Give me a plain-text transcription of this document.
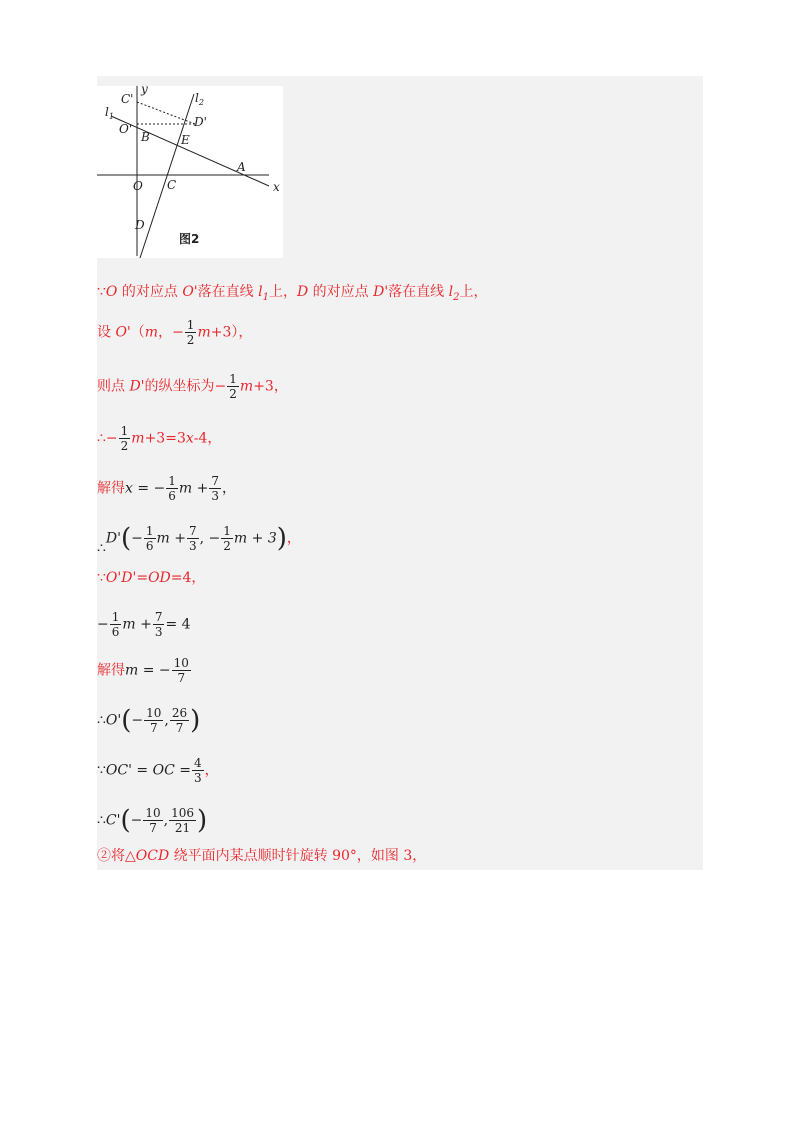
y
C'	$l_2$
$l_1$	D'
O'
B	E
A
x
O C
D
图2
∵O 的对应点 O'落在直线 $l_1$上，D 的对应点 D'落在直线 $l_2$上，
设 O'（m，− $\frac{1}{2} m+3$），
则点 D'的纵坐标为− $\frac{1}{2} m+3$，
∴− $\frac{1}{2} m+3=3x-4$，
解得x = − $\frac{1}{6}$ $m + \frac{7}{3}$ ，
∴D'(− $\frac{1}{6}$ $m + \frac{7}{3}$ , − $\frac{1}{2}$ m + 3)，
∵O'D'=OD=4，
− $\frac{1}{6}$ $m + \frac{7}{3} = 4$
解得m = − $\frac{10}{7}$
∴O'(− $\frac{10}{7}$ , $\frac{26}{7}$ )
∵OC' = OC = $\frac{4}{3}$ ，
∴C'(− $\frac{10}{7}$ , $\frac{106}{21}$ )
②将△OCD 绕平面内某点顺时针旋转 90°，如图 3，
